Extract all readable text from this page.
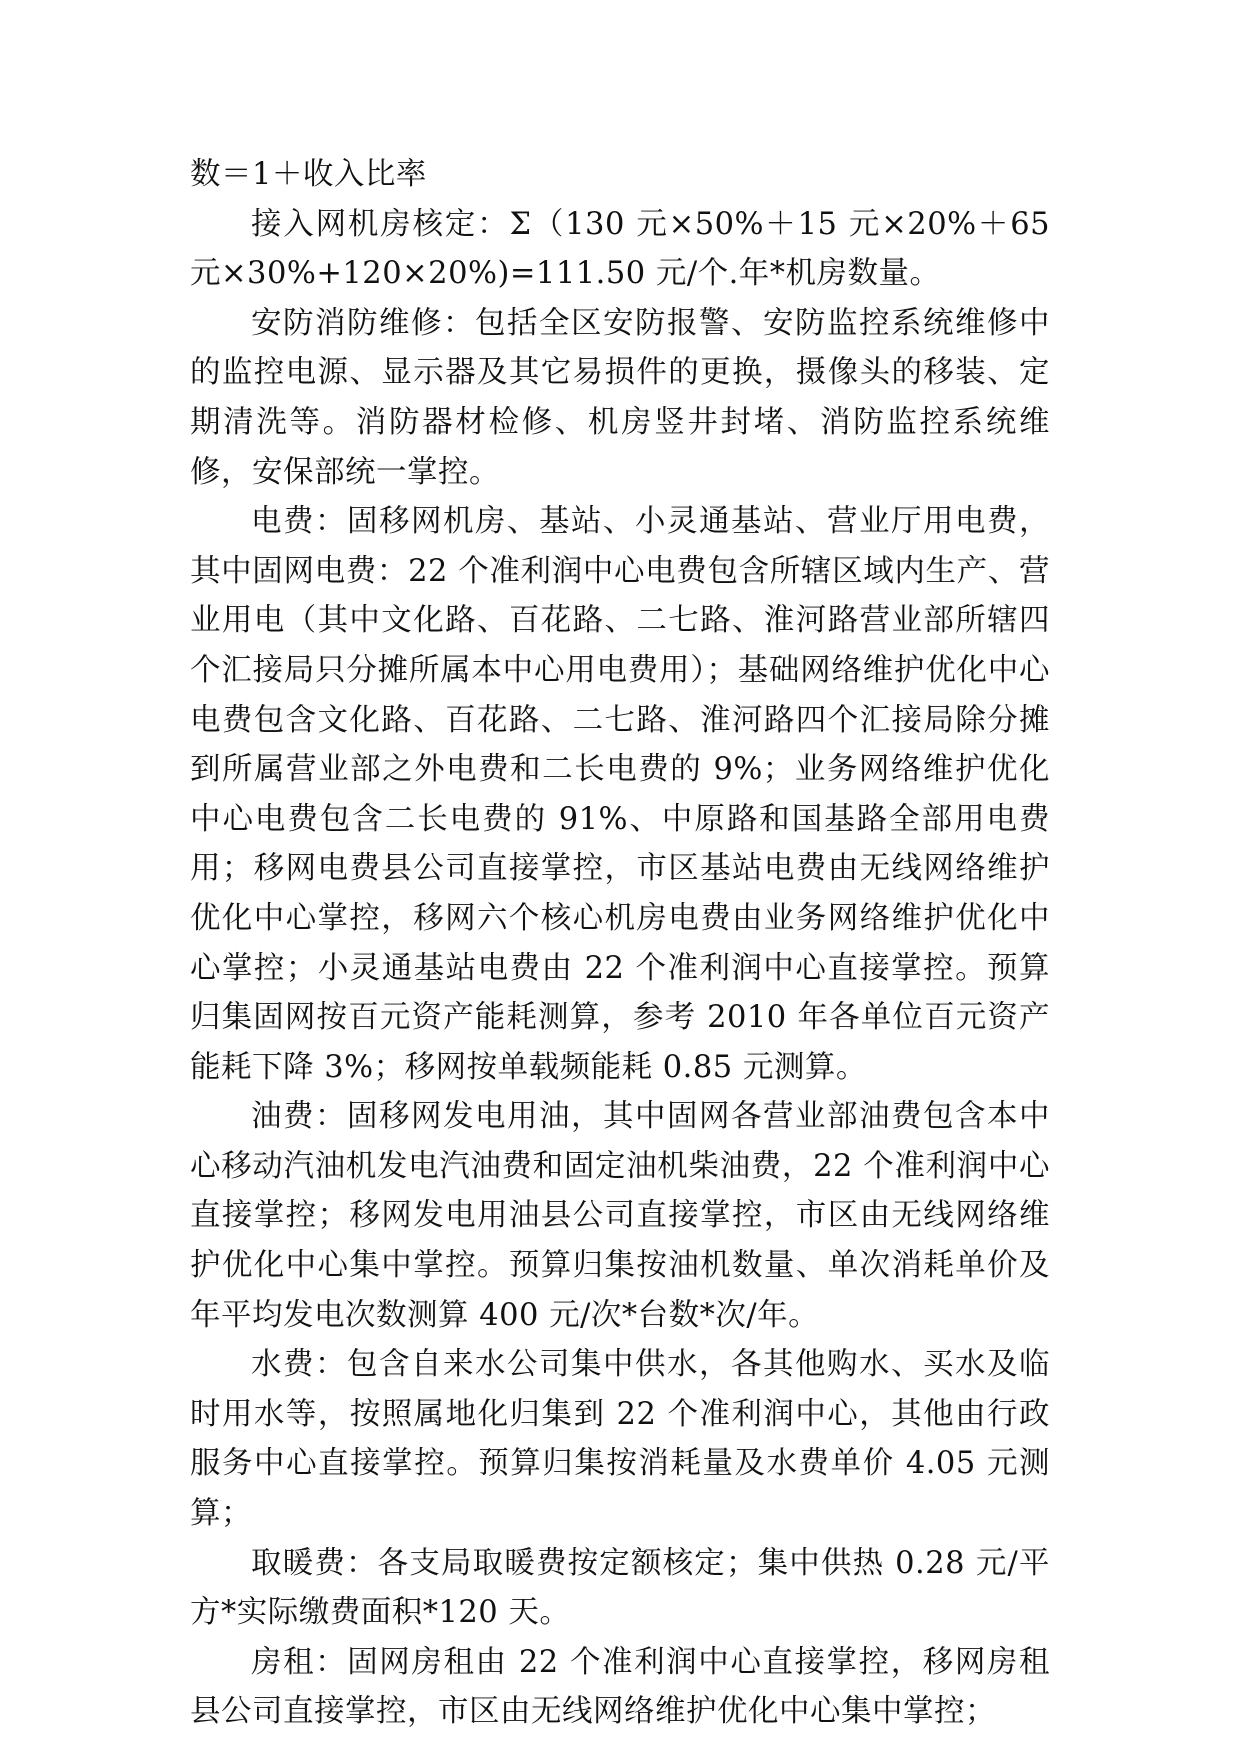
数＝1＋收入比率

接入网机房核定：Σ（130 元×50%＋15 元×20%＋65 元×30%+120×20%)=111.50 元/个.年*机房数量。

安防消防维修：包括全区安防报警、安防监控系统维修中的监控电源、显示器及其它易损件的更换，摄像头的移装、定期清洗等。消防器材检修、机房竖井封堵、消防监控系统维修，安保部统一掌控。

电费：固移网机房、基站、小灵通基站、营业厅用电费，其中固网电费：22 个准利润中心电费包含所辖区域内生产、营业用电（其中文化路、百花路、二七路、淮河路营业部所辖四个汇接局只分摊所属本中心用电费用）；基础网络维护优化中心电费包含文化路、百花路、二七路、淮河路四个汇接局除分摊到所属营业部之外电费和二长电费的 9%；业务网络维护优化中心电费包含二长电费的 91%、中原路和国基路全部用电费用；移网电费县公司直接掌控，市区基站电费由无线网络维护优化中心掌控，移网六个核心机房电费由业务网络维护优化中心掌控；小灵通基站电费由 22 个准利润中心直接掌控。预算归集固网按百元资产能耗测算，参考 2010 年各单位百元资产能耗下降 3%；移网按单载频能耗 0.85 元测算。

油费：固移网发电用油，其中固网各营业部油费包含本中心移动汽油机发电汽油费和固定油机柴油费，22 个准利润中心直接掌控；移网发电用油县公司直接掌控，市区由无线网络维护优化中心集中掌控。预算归集按油机数量、单次消耗单价及年平均发电次数测算 400 元/次*台数*次/年。

水费：包含自来水公司集中供水，各其他购水、买水及临时用水等，按照属地化归集到 22 个准利润中心，其他由行政服务中心直接掌控。预算归集按消耗量及水费单价 4.05 元测算；

取暖费：各支局取暖费按定额核定；集中供热 0.28 元/平方*实际缴费面积*120 天。

房租：固网房租由 22 个准利润中心直接掌控，移网房租县公司直接掌控，市区由无线网络维护优化中心集中掌控；
